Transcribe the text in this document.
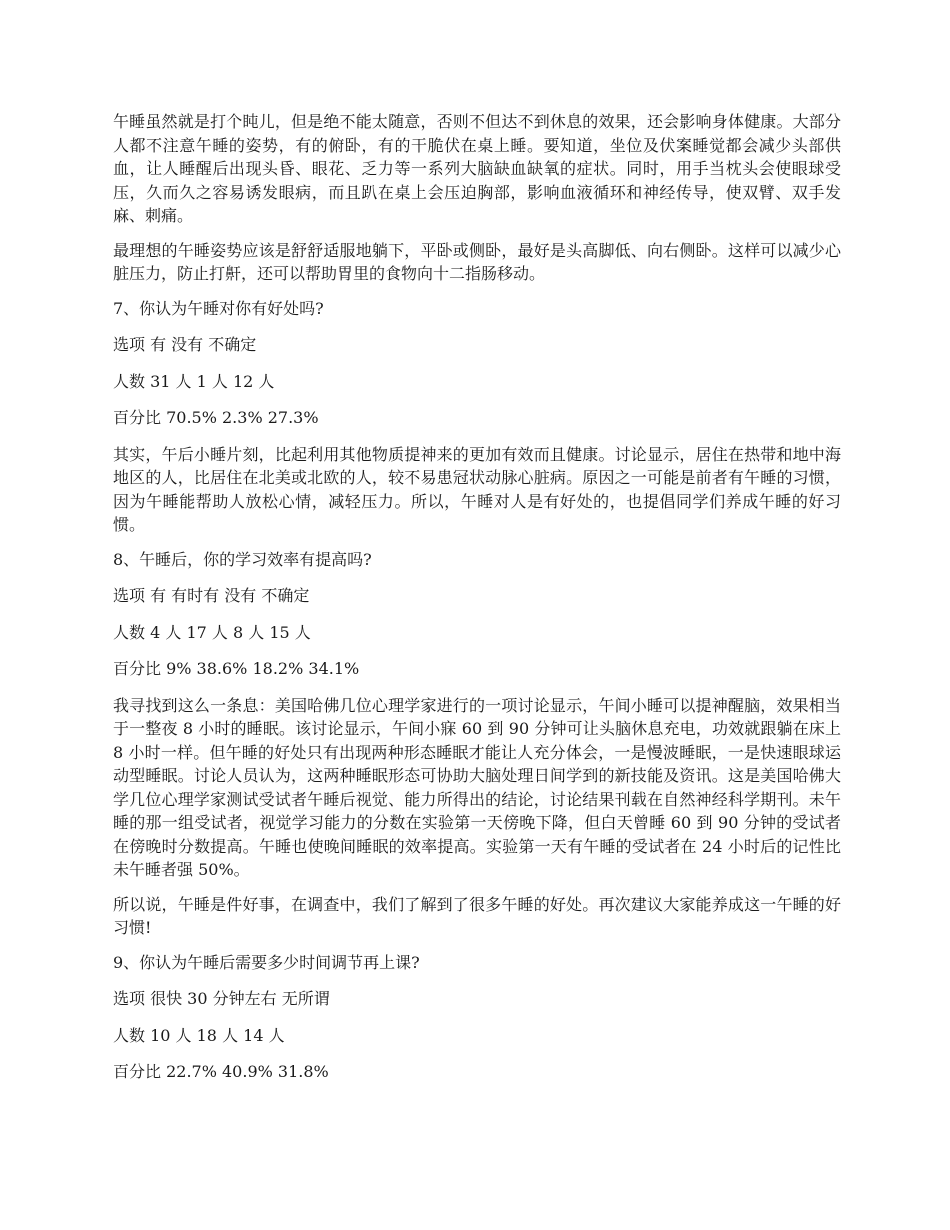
午睡虽然就是打个盹儿，但是绝不能太随意，否则不但达不到休息的效果，还会影响身体健康。大部分人都不注意午睡的姿势，有的俯卧，有的干脆伏在桌上睡。要知道，坐位及伏案睡觉都会减少头部供血，让人睡醒后出现头昏、眼花、乏力等一系列大脑缺血缺氧的症状。同时，用手当枕头会使眼球受压，久而久之容易诱发眼病，而且趴在桌上会压迫胸部，影响血液循环和神经传导，使双臂、双手发麻、刺痛。

最理想的午睡姿势应该是舒舒适服地躺下，平卧或侧卧，最好是头高脚低、向右侧卧。这样可以减少心脏压力，防止打鼾，还可以帮助胃里的食物向十二指肠移动。

7、你认为午睡对你有好处吗?

选项 有 没有 不确定

人数 31 人 1 人 12 人

百分比 70.5% 2.3% 27.3%

其实，午后小睡片刻，比起利用其他物质提神来的更加有效而且健康。讨论显示，居住在热带和地中海地区的人，比居住在北美或北欧的人，较不易患冠状动脉心脏病。原因之一可能是前者有午睡的习惯，因为午睡能帮助人放松心情，减轻压力。所以，午睡对人是有好处的，也提倡同学们养成午睡的好习惯。

8、午睡后，你的学习效率有提高吗?

选项 有 有时有 没有 不确定

人数 4 人 17 人 8 人 15 人

百分比 9% 38.6% 18.2% 34.1%

我寻找到这么一条息：美国哈佛几位心理学家进行的一项讨论显示，午间小睡可以提神醒脑，效果相当于一整夜 8 小时的睡眠。该讨论显示，午间小寐 60 到 90 分钟可让头脑休息充电，功效就跟躺在床上 8 小时一样。但午睡的好处只有出现两种形态睡眠才能让人充分体会，一是慢波睡眠，一是快速眼球运动型睡眠。讨论人员认为，这两种睡眠形态可协助大脑处理日间学到的新技能及资讯。这是美国哈佛大学几位心理学家测试受试者午睡后视觉、能力所得出的结论，讨论结果刊载在自然神经科学期刊。未午睡的那一组受试者，视觉学习能力的分数在实验第一天傍晚下降，但白天曾睡 60 到 90 分钟的受试者在傍晚时分数提高。午睡也使晚间睡眠的效率提高。实验第一天有午睡的受试者在 24 小时后的记性比未午睡者强 50%。

所以说，午睡是件好事，在调查中，我们了解到了很多午睡的好处。再次建议大家能养成这一午睡的好习惯!

9、你认为午睡后需要多少时间调节再上课?

选项 很快 30 分钟左右 无所谓

人数 10 人 18 人 14 人

百分比 22.7% 40.9% 31.8%
